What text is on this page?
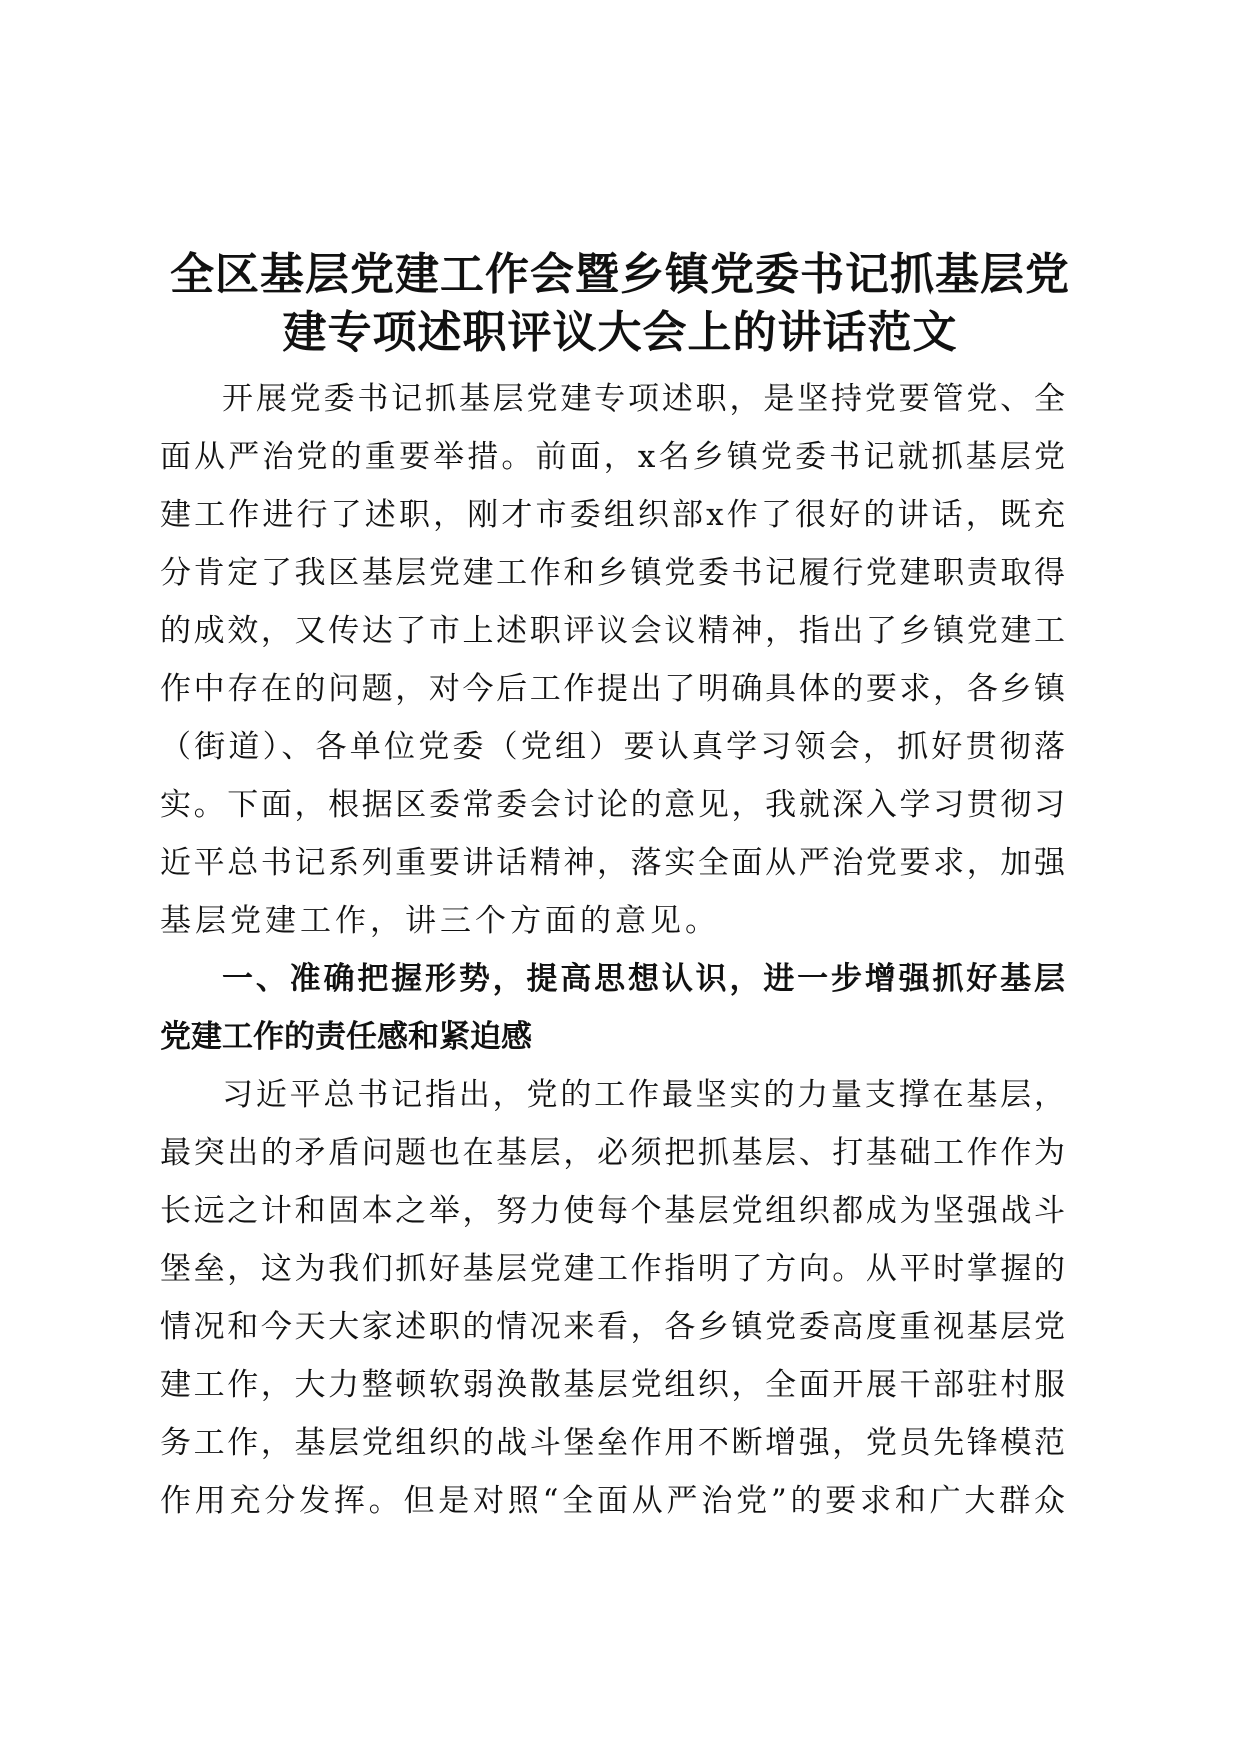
全区基层党建工作会暨乡镇党委书记抓基层党
建专项述职评议大会上的讲话范文

开展党委书记抓基层党建专项述职，是坚持党要管党、全

面从严治党的重要举措。前面，x名乡镇党委书记就抓基层党

建工作进行了述职，刚才市委组织部x作了很好的讲话，既充

分肯定了我区基层党建工作和乡镇党委书记履行党建职责取得

的成效，又传达了市上述职评议会议精神，指出了乡镇党建工

作中存在的问题，对今后工作提出了明确具体的要求，各乡镇

（街道）、各单位党委（党组）要认真学习领会，抓好贯彻落

实。下面，根据区委常委会讨论的意见，我就深入学习贯彻习

近平总书记系列重要讲话精神，落实全面从严治党要求，加强

基层党建工作，讲三个方面的意见。

一、准确把握形势，提高思想认识，进一步增强抓好基层

党建工作的责任感和紧迫感

习近平总书记指出，党的工作最坚实的力量支撑在基层，

最突出的矛盾问题也在基层，必须把抓基层、打基础工作作为

长远之计和固本之举，努力使每个基层党组织都成为坚强战斗

堡垒，这为我们抓好基层党建工作指明了方向。从平时掌握的

情况和今天大家述职的情况来看，各乡镇党委高度重视基层党

建工作，大力整顿软弱涣散基层党组织，全面开展干部驻村服

务工作，基层党组织的战斗堡垒作用不断增强，党员先锋模范

作用充分发挥。但是对照“全面从严治党”的要求和广大群众
